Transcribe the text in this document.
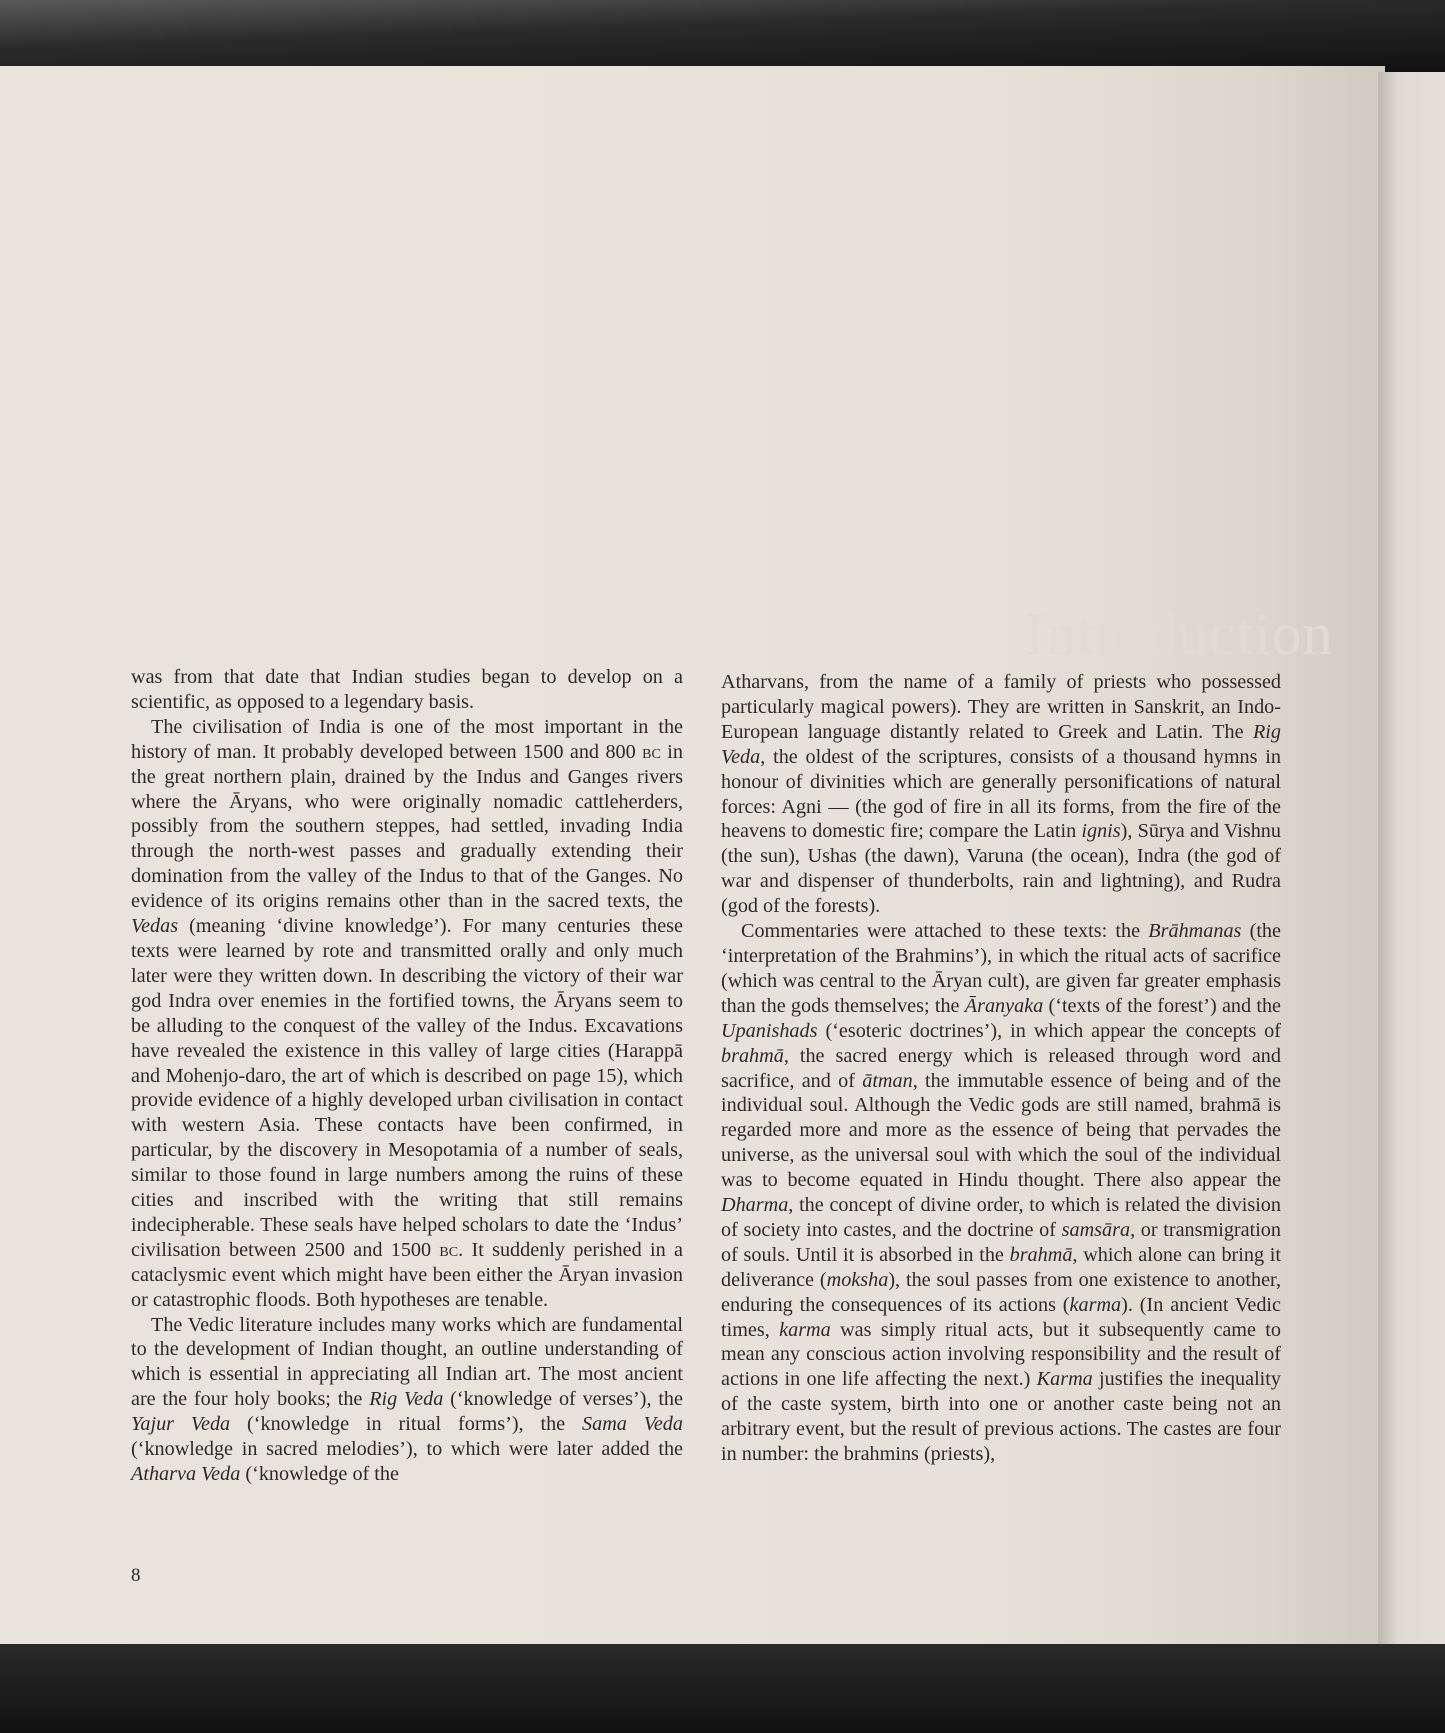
Introduction

was from that date that Indian studies began to develop on a scientific, as opposed to a legendary basis.

The civilisation of India is one of the most important in the history of man. It probably developed between 1500 and 800 bc in the great northern plain, drained by the Indus and Ganges rivers where the Āryans, who were originally nomadic cattleherders, possibly from the southern steppes, had settled, invading India through the north-west passes and gradually extending their domination from the valley of the Indus to that of the Ganges. No evidence of its origins remains other than in the sacred texts, the Vedas (meaning ‘divine knowledge’). For many centuries these texts were learned by rote and transmitted orally and only much later were they written down. In describing the victory of their war god Indra over enemies in the fortified towns, the Āryans seem to be alluding to the conquest of the valley of the Indus. Excavations have revealed the existence in this valley of large cities (Harappā and Mohenjo-daro, the art of which is described on page 15), which provide evidence of a highly developed urban civilisation in contact with western Asia. These contacts have been confirmed, in particular, by the discovery in Mesopotamia of a number of seals, similar to those found in large numbers among the ruins of these cities and inscribed with the writing that still remains indecipherable. These seals have helped scholars to date the ‘Indus’ civilisation between 2500 and 1500 bc. It suddenly perished in a cataclysmic event which might have been either the Āryan invasion or catastrophic floods. Both hypotheses are tenable.

The Vedic literature includes many works which are fundamental to the development of Indian thought, an outline understanding of which is essential in appreciating all Indian art. The most ancient are the four holy books; the Rig Veda (‘knowledge of verses’), the Yajur Veda (‘knowledge in ritual forms’), the Sama Veda (‘knowledge in sacred melodies’), to which were later added the Atharva Veda (‘knowledge of the

Atharvans, from the name of a family of priests who possessed particularly magical powers). They are written in Sanskrit, an Indo-European language distantly related to Greek and Latin. The Rig Veda, the oldest of the scriptures, consists of a thousand hymns in honour of divinities which are generally personifications of natural forces: Agni — (the god of fire in all its forms, from the fire of the heavens to domestic fire; compare the Latin ignis), Sūrya and Vishnu (the sun), Ushas (the dawn), Varuna (the ocean), Indra (the god of war and dispenser of thunderbolts, rain and lightning), and Rudra (god of the forests).

Commentaries were attached to these texts: the Brāhmanas (the ‘interpretation of the Brahmins’), in which the ritual acts of sacrifice (which was central to the Āryan cult), are given far greater emphasis than the gods themselves; the Āranyaka (‘texts of the forest’) and the Upanishads (‘esoteric doctrines’), in which appear the concepts of brahmā, the sacred energy which is released through word and sacrifice, and of ātman, the immutable essence of being and of the individual soul. Although the Vedic gods are still named, brahmā is regarded more and more as the essence of being that pervades the universe, as the universal soul with which the soul of the individual was to become equated in Hindu thought. There also appear the Dharma, the concept of divine order, to which is related the division of society into castes, and the doctrine of samsāra, or transmigration of souls. Until it is absorbed in the brahmā, which alone can bring it deliverance (moksha), the soul passes from one existence to another, enduring the consequences of its actions (karma). (In ancient Vedic times, karma was simply ritual acts, but it subsequently came to mean any conscious action involving responsibility and the result of actions in one life affecting the next.) Karma justifies the inequality of the caste system, birth into one or another caste being not an arbitrary event, but the result of previous actions. The castes are four in number: the brahmins (priests),

8
